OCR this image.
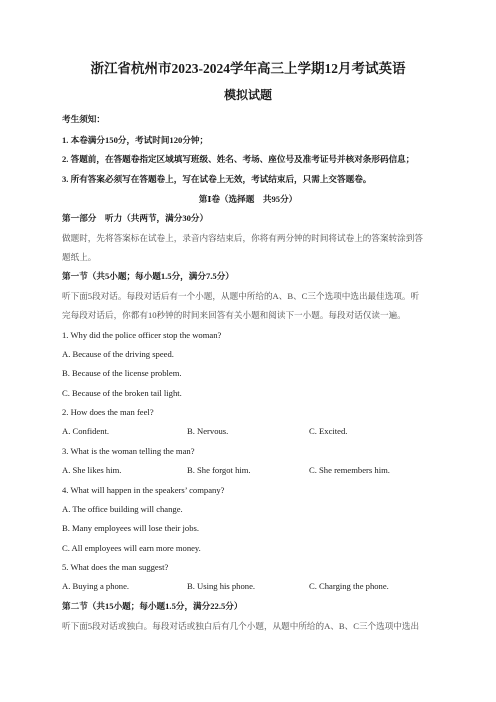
浙江省杭州市2023-2024学年高三上学期12月考试英语
模拟试题
考生须知：
1. 本卷满分150分，考试时间120分钟；
2. 答题前，在答题卷指定区域填写班级、姓名、考场、座位号及准考证号并核对条形码信息；
3. 所有答案必须写在答题卷上，写在试卷上无效，考试结束后，只需上交答题卷。
第Ⅰ卷（选择题　共95分）
第一部分　听力（共两节，满分30分）
做题时，先将答案标在试卷上，录音内容结束后，你将有两分钟的时间将试卷上的答案转涂到答
题纸上。
第一节（共5小题；每小题1.5分，满分7.5分）
听下面5段对话。每段对话后有一个小题，从题中所给的A、B、C三个选项中选出最佳选项。听
完每段对话后，你都有10秒钟的时间来回答有关小题和阅读下一小题。每段对话仅读一遍。
1. Why did the police officer stop the woman?
A. Because of the driving speed.
B. Because of the license problem.
C. Because of the broken tail light.
2. How does the man feel?
A. Confident.	B. Nervous.	C. Excited.
3. What is the woman telling the man?
A. She likes him.	B. She forgot him.	C. She remembers him.
4. What will happen in the speakers’ company?
A. The office building will change.
B. Many employees will lose their jobs.
C. All employees will earn more money.
5. What does the man suggest?
A. Buying a phone.	B. Using his phone.	C. Charging the phone.
第二节（共15小题；每小题1.5分，满分22.5分）
听下面5段对话或独白。每段对话或独白后有几个小题，从题中所给的A、B、C三个选项中选出
